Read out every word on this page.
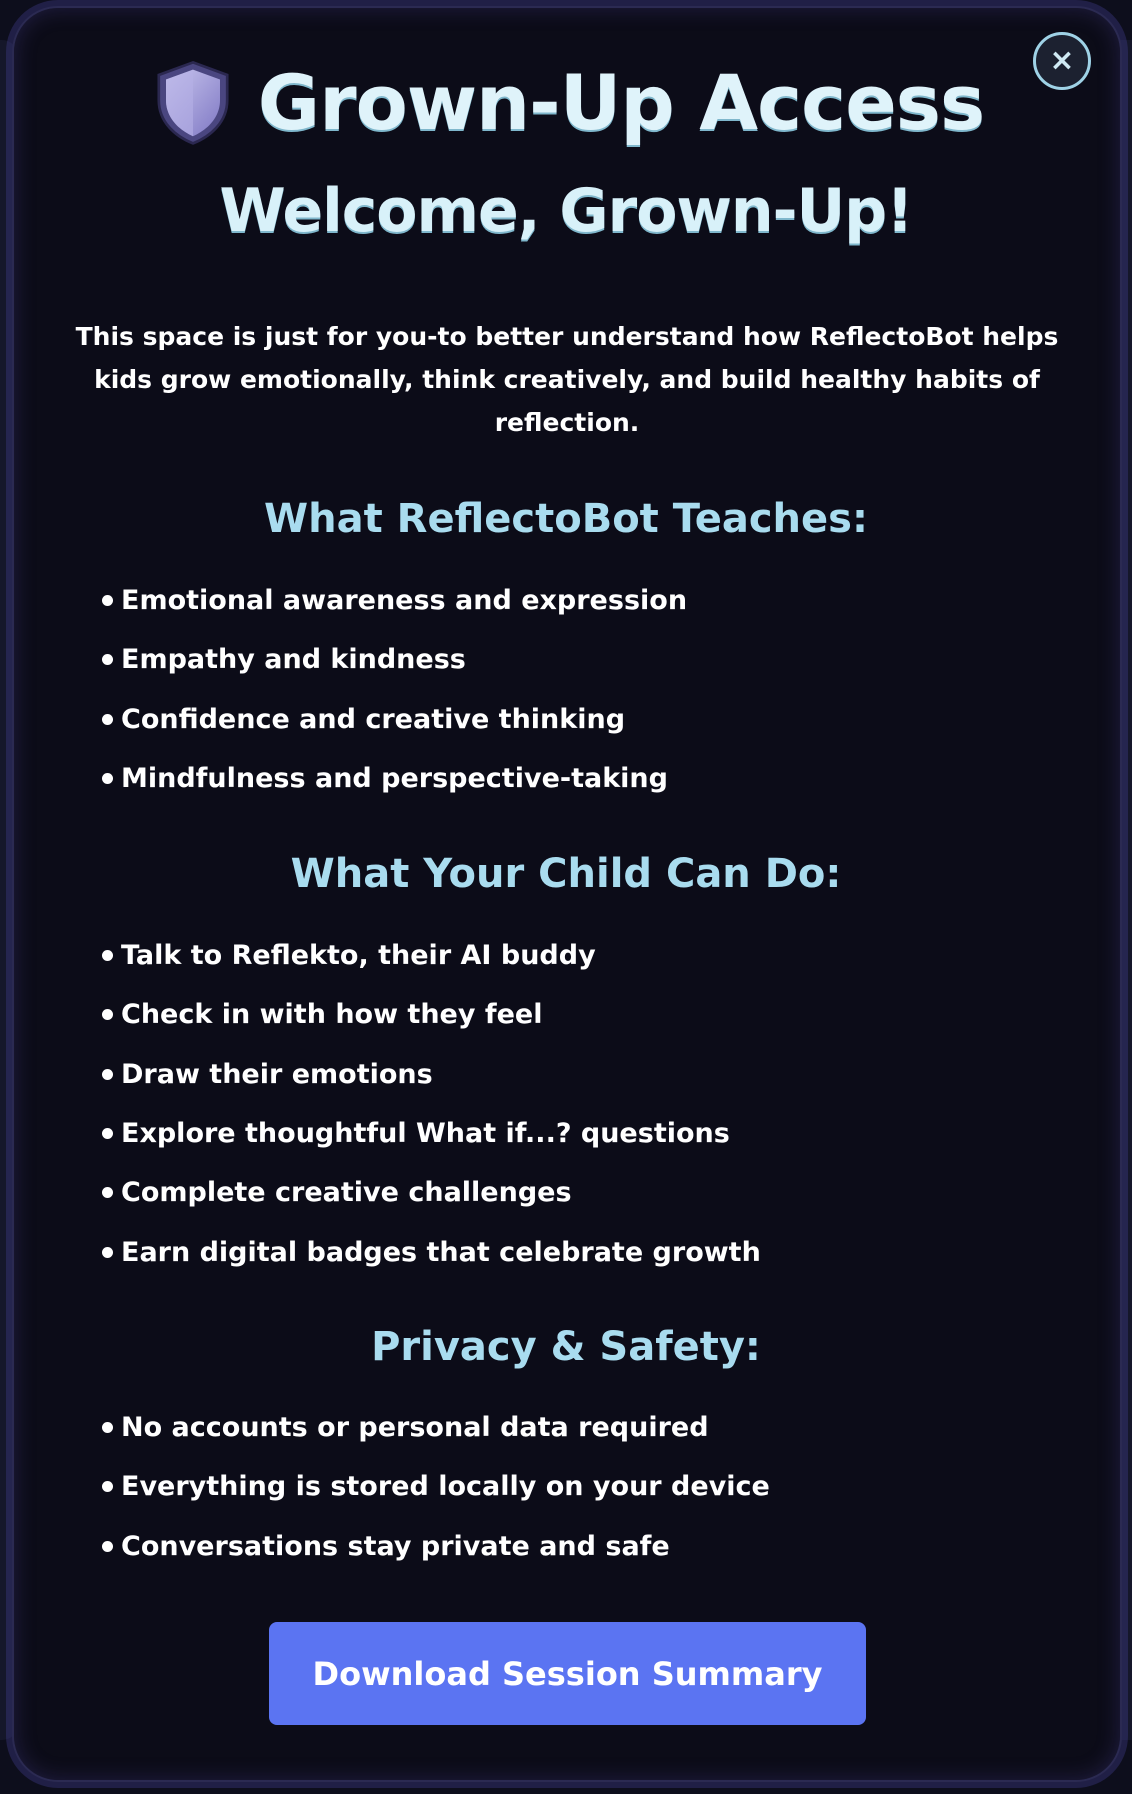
×
Grown-Up Access
Welcome, Grown-Up!
This space is just for you-to better understand how ReflectoBot helps kids grow emotionally, think creatively, and build healthy habits of reflection.
What ReflectoBot Teaches:
Emotional awareness and expression
Empathy and kindness
Confidence and creative thinking
Mindfulness and perspective-taking
What Your Child Can Do:
Talk to Reflekto, their AI buddy
Check in with how they feel
Draw their emotions
Explore thoughtful What if...? questions
Complete creative challenges
Earn digital badges that celebrate growth
Privacy & Safety:
No accounts or personal data required
Everything is stored locally on your device
Conversations stay private and safe
Download Session Summary
